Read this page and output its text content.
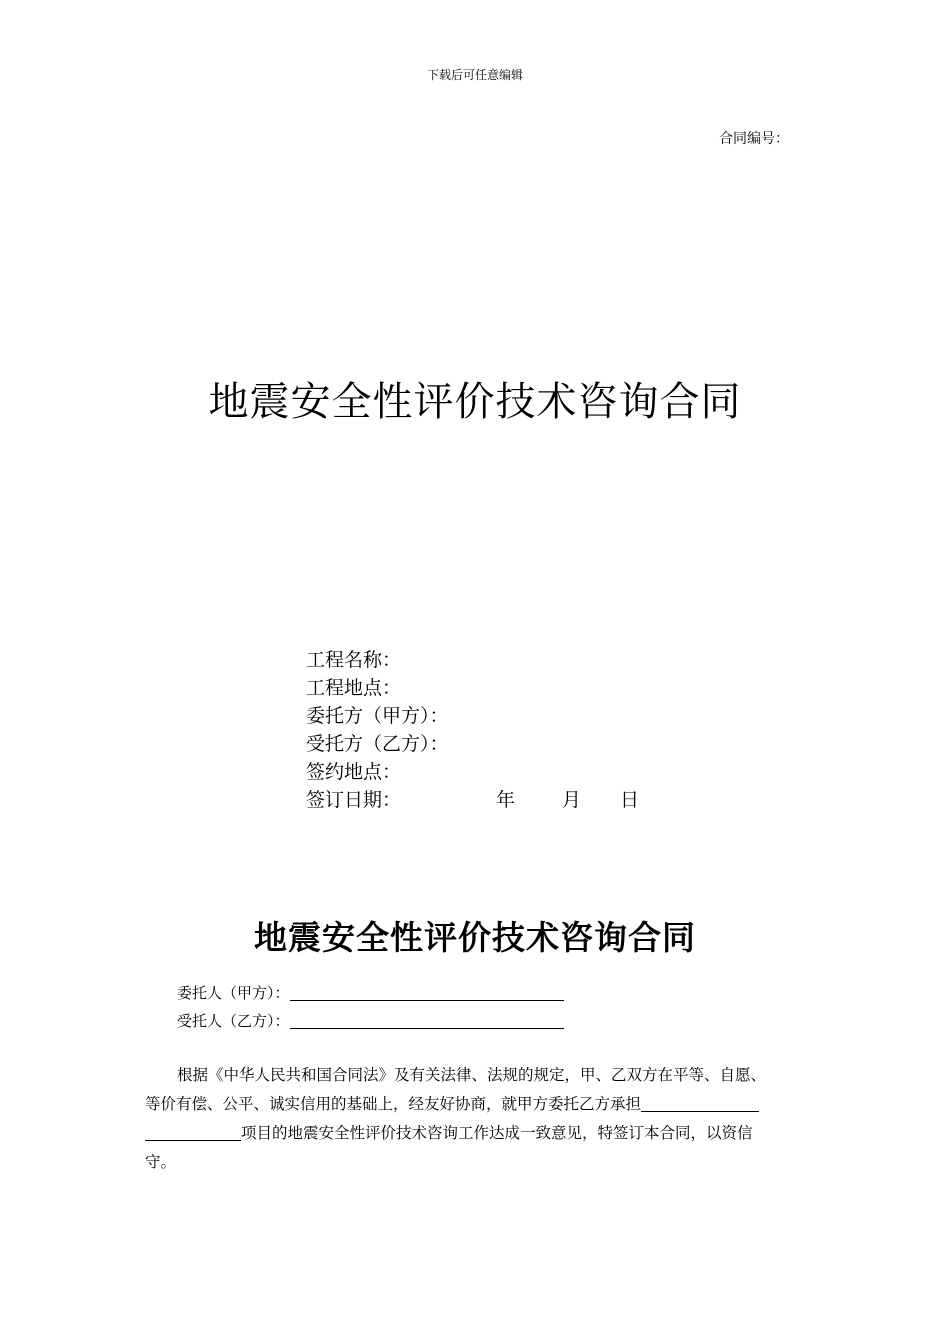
下载后可任意编辑
合同编号：
地震安全性评价技术咨询合同
工程名称：
工程地点：
委托方（甲方）：
受托方（乙方）：
签约地点：
签订日期：	年 月 日
地震安全性评价技术咨询合同
委托人（甲方）：
受托人（乙方）：
根据《中华人民共和国合同法》及有关法律、法规的规定，甲、乙双方在平等、自愿、
等价有偿、公平、诚实信用的基础上，经友好协商，就甲方委托乙方承担
项目的地震安全性评价技术咨询工作达成一致意见，特签订本合同，以资信
守。
